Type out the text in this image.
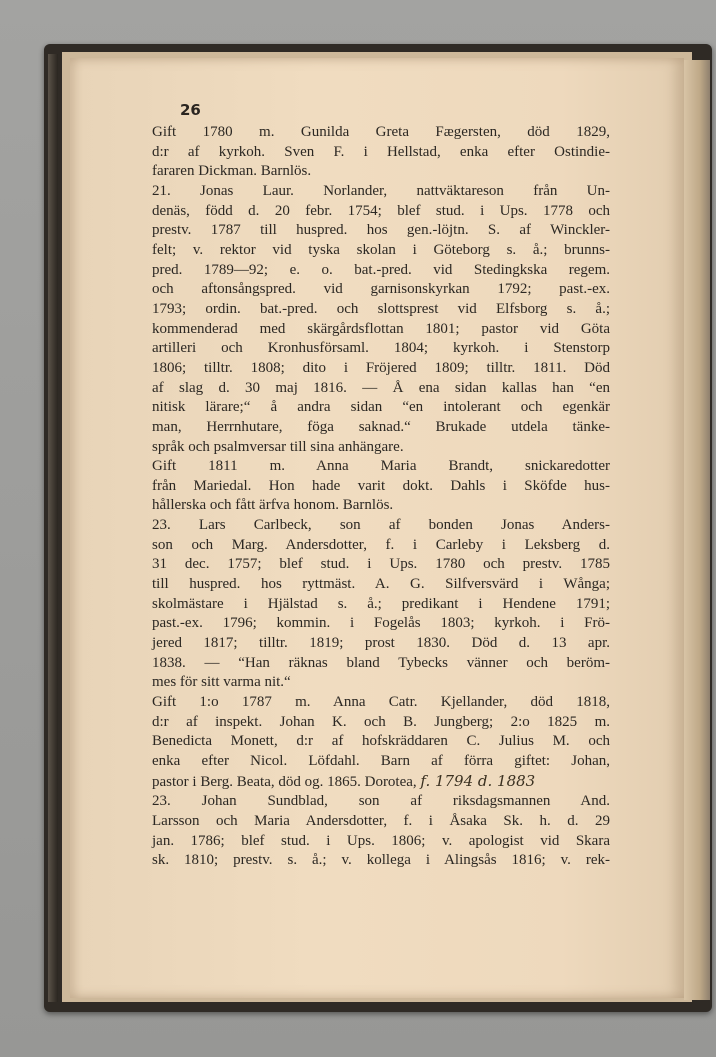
26

Gift 1780 m. Gunilda Greta Fægersten, död 1829,
d:r af kyrkoh. Sven F. i Hellstad, enka efter Ostindie-
fararen Dickman. Barnlös.
21. Jonas Laur. Norlander, nattväktareson från Un-
denäs, född d. 20 febr. 1754; blef stud. i Ups. 1778 och
prestv. 1787 till huspred. hos gen.-löjtn. S. af Winckler-
felt; v. rektor vid tyska skolan i Göteborg s. å.; brunns-
pred. 1789—92; e. o. bat.-pred. vid Stedingkska regem.
och aftonsångspred. vid garnisonskyrkan 1792; past.-ex.
1793; ordin. bat.-pred. och slottsprest vid Elfsborg s. å.;
kommenderad med skärgårdsflottan 1801; pastor vid Göta
artilleri och Kronhusförsaml. 1804; kyrkoh. i Stenstorp
1806; tilltr. 1808; dito i Fröjered 1809; tilltr. 1811. Död
af slag d. 30 maj 1816. — Å ena sidan kallas han “en
nitisk lärare;“ å andra sidan “en intolerant och egenkär
man, Herrnhutare, föga saknad.“ Brukade utdela tänke-
språk och psalmversar till sina anhängare.
Gift 1811 m. Anna Maria Brandt, snickaredotter
från Mariedal. Hon hade varit dokt. Dahls i Sköfde hus-
hållerska och fått ärfva honom. Barnlös.
23. Lars Carlbeck, son af bonden Jonas Anders-
son och Marg. Andersdotter, f. i Carleby i Leksberg d.
31 dec. 1757; blef stud. i Ups. 1780 och prestv. 1785
till huspred. hos ryttmäst. A. G. Silfversvärd i Wånga;
skolmästare i Hjälstad s. å.; predikant i Hendene 1791;
past.-ex. 1796; kommin. i Fogelås 1803; kyrkoh. i Frö-
jered 1817; tilltr. 1819; prost 1830. Död d. 13 apr.
1838. — “Han räknas bland Tybecks vänner och beröm-
mes för sitt varma nit.“
Gift 1:o 1787 m. Anna Catr. Kjellander, död 1818,
d:r af inspekt. Johan K. och B. Jungberg; 2:o 1825 m.
Benedicta Monett, d:r af hofskräddaren C. Julius M. och
enka efter Nicol. Löfdahl. Barn af förra giftet: Johan,
pastor i Berg. Beata, död og. 1865. Dorotea, f. 1794 d. 1883
23. Johan Sundblad, son af riksdagsmannen And.
Larsson och Maria Andersdotter, f. i Åsaka Sk. h. d. 29
jan. 1786; blef stud. i Ups. 1806; v. apologist vid Skara
sk. 1810; prestv. s. å.; v. kollega i Alingsås 1816; v. rek-
